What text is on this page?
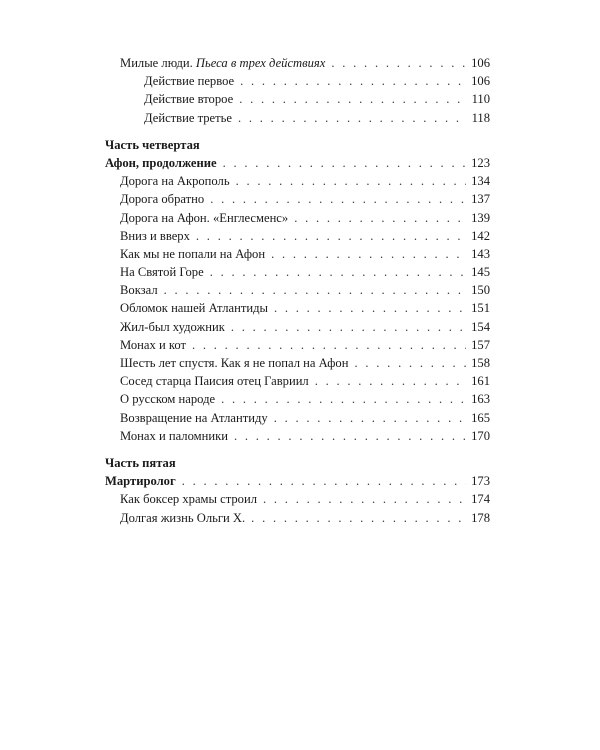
Милые люди. Пьеса в трех действиях . . .	106
Действие первое . . .	106
Действие второе . . .	110
Действие третье . . .	118
Часть четвертая
Афон, продолжение . . .	123
Дорога на Акрополь . . .	134
Дорога обратно . . .	137
Дорога на Афон. «Енглесменс» . . .	139
Вниз и вверх . . .	142
Как мы не попали на Афон . . .	143
На Святой Горе . . .	145
Вокзал . . .	150
Обломок нашей Атлантиды . . .	151
Жил-был художник . . .	154
Монах и кот . . .	157
Шесть лет спустя. Как я не попал на Афон . . .	158
Сосед старца Паисия отец Гавриил . . .	161
О русском народе . . .	163
Возвращение на Атлантиду . . .	165
Монах и паломники . . .	170
Часть пятая
Мартиролог . . .	173
Как боксер храмы строил . . .	174
Долгая жизнь Ольги Х. . . .	178
